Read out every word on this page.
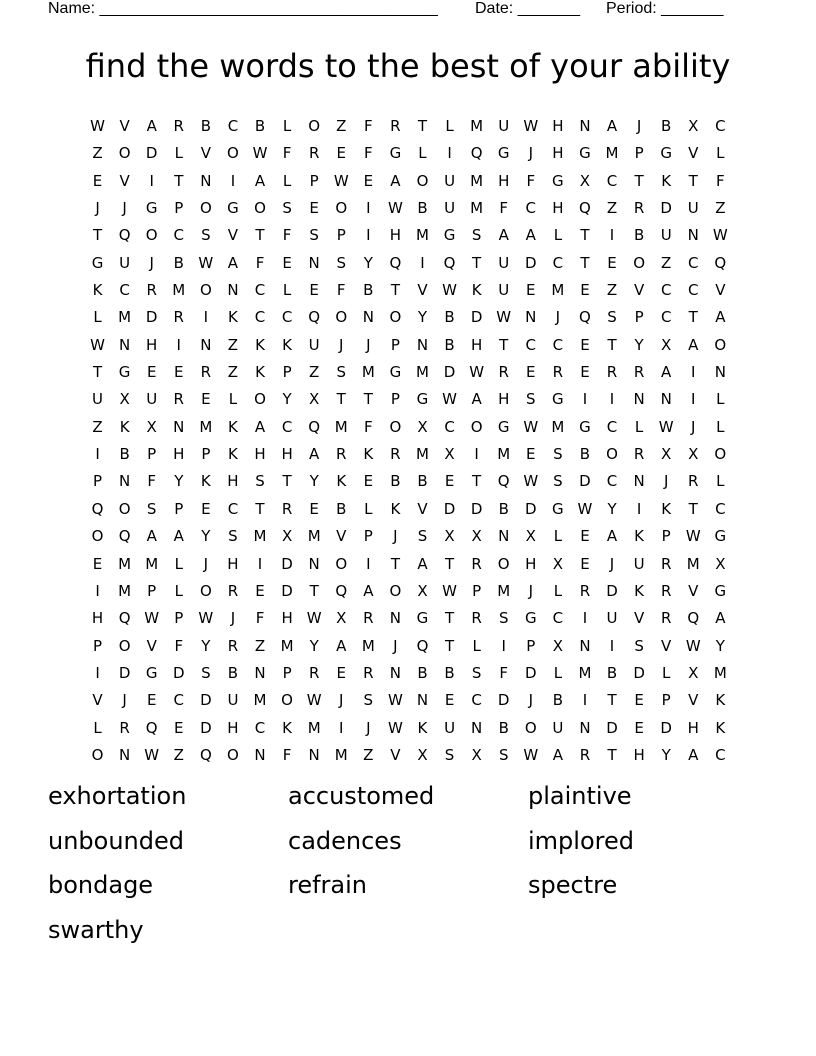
Name: ______________________________________ Date: _______ Period: _______
find the words to the best of your ability
W V	A	R	B	C	B	L	O	Z	F	R	T	L	M	U W H	N	A	J	B	X	C
Z	O	D	L	V	O W	F	R	E	F	G	L	I	Q	G	J	H	G M	P	G	V	L
E	V	I	T	N	I	A	L	P	W E	A	O	U	M H	F	G	X	C	T	K	T	F
J	J	G	P	O	G	O	S	E	O	I	W B	U	M	F	C	H	Q	Z	R	D	U	Z
T	Q	O	C	S	V	T	F	S	P	I	H M G	S	A	A	L	T	I	B	U	N W
G	U	J	B W A	F	E	N	S	Y	Q	I	Q	T	U	D	C	T	E	O	Z	C	Q
K	C	R	M O	N	C	L	E	F	B	T	V W K	U	E	M	E	Z	V	C	C	V
L	M D	R	I	K	C	C	Q	O	N	O	Y	B	D W N	J	Q	S	P	C	T	A
W N	H	I	N	Z	K	K	U	J	J	P	N	B	H	T	C	C	E	T	Y	X	A	O
T	G	E	E	R	Z	K	P	Z	S	M G M D W R	E	R	E	R	R	A	I	N
U	X	U	R	E	L	O	Y	X	T	T	P	G W A	H	S	G	I	I	N	N	I	L
Z	K	X	N M	K	A	C	Q M	F	O	X	C	O	G W M G	C	L	W	J	L
I	B	P	H	P	K	H	H	A	R	K	R	M	X	I	M	E	S	B	O	R	X	X	O
P	N	F	Y	K	H	S	T	Y	K	E	B	B	E	T	Q W S	D	C	N	J	R	L
Q	O	S	P	E	C	T	R	E	B	L	K	V	D	D	B	D	G W	Y	I	K	T	C
O	Q	A	A	Y	S	M	X	M	V	P	J	S	X	X	N	X	L	E	A	K	P	W G
E	M M	L	J	H	I	D	N	O	I	T	A	T	R	O	H	X	E	J	U	R	M	X
I	M	P	L	O	R	E	D	T	Q	A	O	X W	P	M	J	L	R	D	K	R	V	G
H	Q W	P	W	J	F	H W X	R	N	G	T	R	S	G	C	I	U	V	R	Q	A
P	O	V	F	Y	R	Z	M	Y	A	M	J	Q	T	L	I	P	X	N	I	S	V W	Y
I	D	G	D	S	B	N	P	R	E	R	N	B	B	S	F	D	L	M	B	D	L	X	M
V	J	E	C	D	U	M O W	J	S W N	E	C	D	J	B	I	T	E	P	V	K
L	R	Q	E	D	H	C	K	M	I	J	W K	U	N	B	O	U	N	D	E	D	H	K
O	N W Z	Q	O	N	F	N M	Z	V	X	S	X	S W A	R	T	H	Y	A	C
exhortation	accustomed	plaintive
unbounded	cadences	implored
bondage	refrain	spectre
swarthy
